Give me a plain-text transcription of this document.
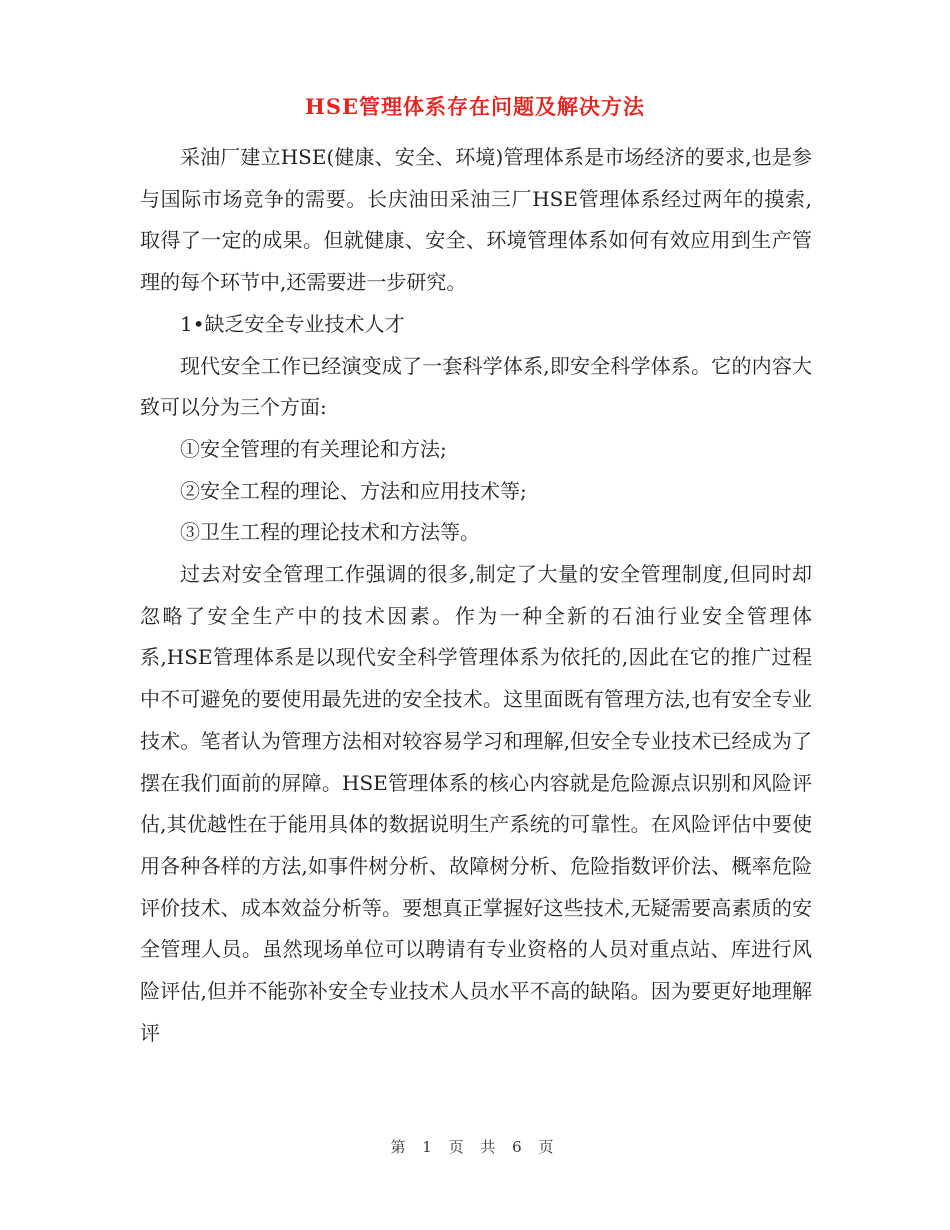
HSE管理体系存在问题及解决方法

采油厂建立HSE(健康、安全、环境)管理体系是市场经济的要求,也是参与国际市场竞争的需要。长庆油田采油三厂HSE管理体系经过两年的摸索,取得了一定的成果。但就健康、安全、环境管理体系如何有效应用到生产管理的每个环节中,还需要进一步研究。

1•缺乏安全专业技术人才

现代安全工作已经演变成了一套科学体系,即安全科学体系。它的内容大致可以分为三个方面:

①安全管理的有关理论和方法;

②安全工程的理论、方法和应用技术等;

③卫生工程的理论技术和方法等。

过去对安全管理工作强调的很多,制定了大量的安全管理制度,但同时却忽略了安全生产中的技术因素。作为一种全新的石油行业安全管理体系,HSE管理体系是以现代安全科学管理体系为依托的,因此在它的推广过程中不可避免的要使用最先进的安全技术。这里面既有管理方法,也有安全专业技术。笔者认为管理方法相对较容易学习和理解,但安全专业技术已经成为了摆在我们面前的屏障。HSE管理体系的核心内容就是危险源点识别和风险评估,其优越性在于能用具体的数据说明生产系统的可靠性。在风险评估中要使用各种各样的方法,如事件树分析、故障树分析、危险指数评价法、概率危险评价技术、成本效益分析等。要想真正掌握好这些技术,无疑需要高素质的安全管理人员。虽然现场单位可以聘请有专业资格的人员对重点站、库进行风险评估,但并不能弥补安全专业技术人员水平不高的缺陷。因为要更好地理解评

第 1 页 共 6 页
